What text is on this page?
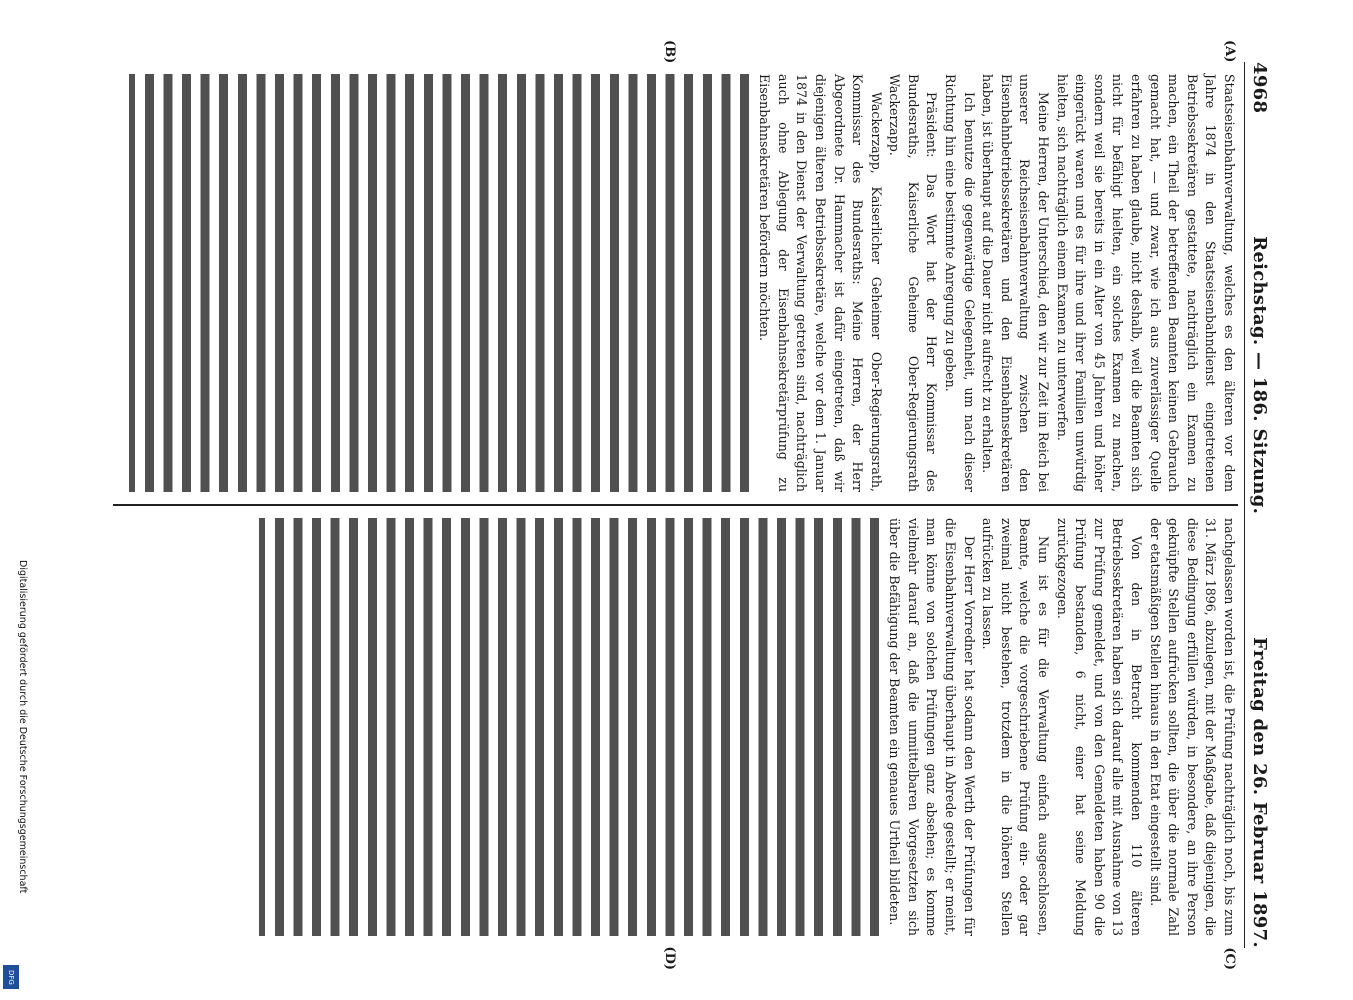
Digitalisierung gefördert durch die Deutsche Forschungsgemeinschaft
DFG
4968
Reichstag. — 186. Sitzung.
Freitag den 26. Februar 1897.
(A)
(B)

Staatseisenbahnverwaltung, welches es den älteren vor dem Jahre 1874 in den Staatseisenbahndienst eingetretenen Betriebssekretären gestattete, nachträglich ein Examen zu machen, ein Theil der betreffenden Beamten keinen Gebrauch gemacht hat, — und zwar, wie ich aus zuverlässiger Quelle erfahren zu haben glaube, nicht deshalb, weil die Beamten sich nicht für befähigt hielten, ein solches Examen zu machen, sondern weil sie bereits in ein Alter von 45 Jahren und höher eingerückt waren und es für ihre und ihrer Familien unwürdig hielten, sich nachträglich einem Examen zu unterwerfen.

Meine Herren, der Unterschied, den wir zur Zeit im Reich bei unserer Reichseisenbahnverwaltung zwischen den Eisenbahnbetriebssekretären und den Eisenbahnsekretären haben, ist überhaupt auf die Dauer nicht aufrecht zu erhalten.

Ich benutze die gegenwärtige Gelegenheit, um nach dieser Richtung hin eine bestimmte Anregung zu geben.

Präsident: Das Wort hat der Herr Kommissar des Bundesraths, Kaiserliche Geheime Ober-Regierungsrath Wackerzapp.

Wackerzapp, Kaiserlicher Geheimer Ober-Regierungsrath, Kommissar des Bundesraths: Meine Herren, der Herr Abgeordnete Dr. Hammacher ist dafür eingetreten, daß wir diejenigen älteren Betriebssekretäre, welche vor dem 1. Januar 1874 in den Dienst der Verwaltung getreten sind, nachträglich auch ohne Ablegung der Eisenbahnsekretärprüfung zu Eisenbahnsekretären befördern möchten.

(C)
(D)

nachgelassen worden ist, die Prüfung nachträglich noch, bis zum 31. März 1896, abzulegen, mit der Maßgabe, daß diejenigen, die diese Bedingung erfüllen würden, in besondere, an ihre Person geknüpfte Stellen aufrücken sollten, die über die normale Zahl der etatsmäßigen Stellen hinaus in den Etat eingestellt sind.

Von den in Betracht kommenden 110 älteren Betriebssekretären haben sich darauf alle mit Ausnahme von 13 zur Prüfung gemeldet, und von den Gemeldeten haben 90 die Prüfung bestanden, 6 nicht, einer hat seine Meldung zurückgezogen.

Nun ist es für die Verwaltung einfach ausgeschlossen, Beamte, welche die vorgeschriebene Prüfung ein- oder gar zweimal nicht bestehen, trotzdem in die höheren Stellen aufrücken zu lassen.

Der Herr Vorredner hat sodann den Werth der Prüfungen für die Eisenbahnverwaltung überhaupt in Abrede gestellt; er meint, man könne von solchen Prüfungen ganz absehen; es komme vielmehr darauf an, daß die unmittelbaren Vorgesetzten sich über die Befähigung der Beamten ein genaues Urtheil bildeten.
